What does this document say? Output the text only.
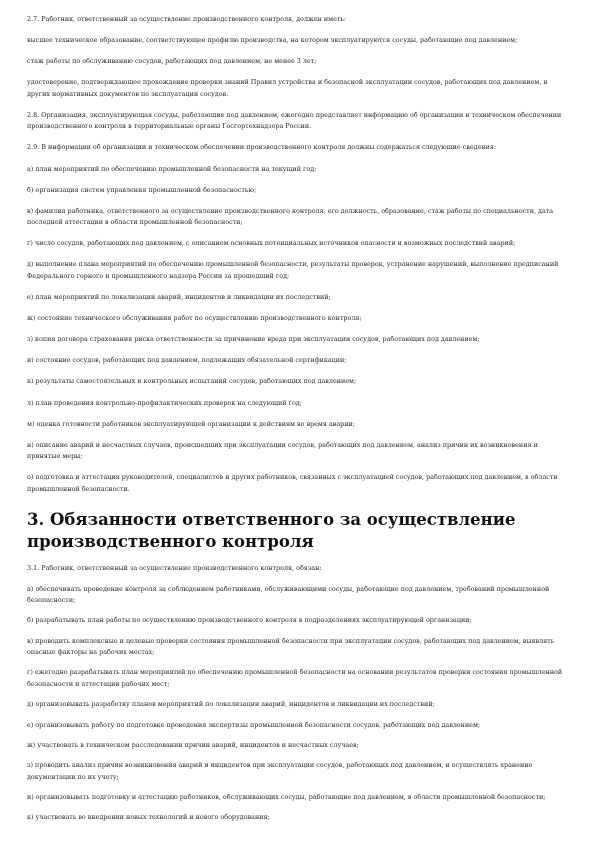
2.7. Работник, ответственный за осуществление производственного контроля, должен иметь:

высшее техническое образование, соответствующее профилю производства, на котором эксплуатируются сосуды, работающие под давлением;

стаж работы по обслуживанию сосудов, работающих под давлением, не менее 3 лет;

удостоверение, подтверждающее прохождение проверки знаний Правил устройства и безопасной эксплуатации сосудов, работающих под давлением, и других нормативных документов по эксплуатации сосудов.

2.8. Организация, эксплуатирующая сосуды, работающие под давлением, ежегодно представляет информацию об организации и техническом обеспечении производственного контроля в территориальные органы Госгортехнадзора России.

2.9. В информации об организации и техническом обеспечении производственного контроля должны содержаться следующие сведения:

а) план мероприятий по обеспечению промышленной безопасности на текущий год;

б) организация систем управления промышленной безопасностью;

в) фамилия работника, ответственного за осуществление производственного контроля, его должность, образование, стаж работы по специальности, дата последней аттестации в области промышленной безопасности;

г) число сосудов, работающих под давлением, с описанием основных потенциальных источников опасности и возможных последствий аварий;

д) выполнение плана мероприятий по обеспечению промышленной безопасности, результаты проверок, устранение нарушений, выполнение предписаний Федерального горного и промышленного надзора России за прошедший год;

е) план мероприятий по локализации аварий, инцидентов и ликвидации их последствий;

ж) состояние технического обслуживания работ по осуществлению производственного контроля;

з) копия договора страхования риска ответственности за причинение вреда при эксплуатации сосудов, работающих под давлением;

и) состояние сосудов, работающих под давлением, подлежащих обязательной сертификации;

к) результаты самостоятельных и контрольных испытаний сосудов, работающих под давлением;

л) план проведения контрольно-профилактических проверок на следующий год;

м) оценка готовности работников эксплуатирующей организации к действиям во время аварии;

н) описание аварий и несчастных случаев, происшедших при эксплуатации сосудов, работающих под давлением, анализ причин их возникновения и принятые меры;

о) подготовка и аттестация руководителей, специалистов и других работников, связанных с эксплуатацией сосудов, работающих под давлением, в области промышленной безопасности.

3. Обязанности ответственного за осуществление производственного контроля

3.1. Работник, ответственный за осуществление производственного контроля, обязан:

а) обеспечивать проведение контроля за соблюдением работниками, обслуживающими сосуды, работающие под давлением, требований промышленной безопасности;

б) разрабатывать план работы по осуществлению производственного контроля в подразделениях эксплуатирующей организации;

в) проводить комплексные и целевые проверки состояния промышленной безопасности при эксплуатации сосудов, работающих под давлением, выявлять опасные факторы на рабочих местах;

г) ежегодно разрабатывать план мероприятий по обеспечению промышленной безопасности на основании результатов проверки состояния промышленной безопасности и аттестации рабочих мест;

д) организовывать разработку планов мероприятий по локализации аварий, инцидентов и ликвидации их последствий;

е) организовывать работу по подготовке проведения экспертизы промышленной безопасности сосудов, работающих под давлением;

ж) участвовать в техническом расследовании причин аварий, инцидентов и несчастных случаев;

з) проводить анализ причин возникновения аварий и инцидентов при эксплуатации сосудов, работающих под давлением, и осуществлять хранение документации по их учету;

и) организовывать подготовку и аттестацию работников, обслуживающих сосуды, работающие под давлением, в области промышленной безопасности;

к) участвовать во внедрении новых технологий и нового оборудования;
